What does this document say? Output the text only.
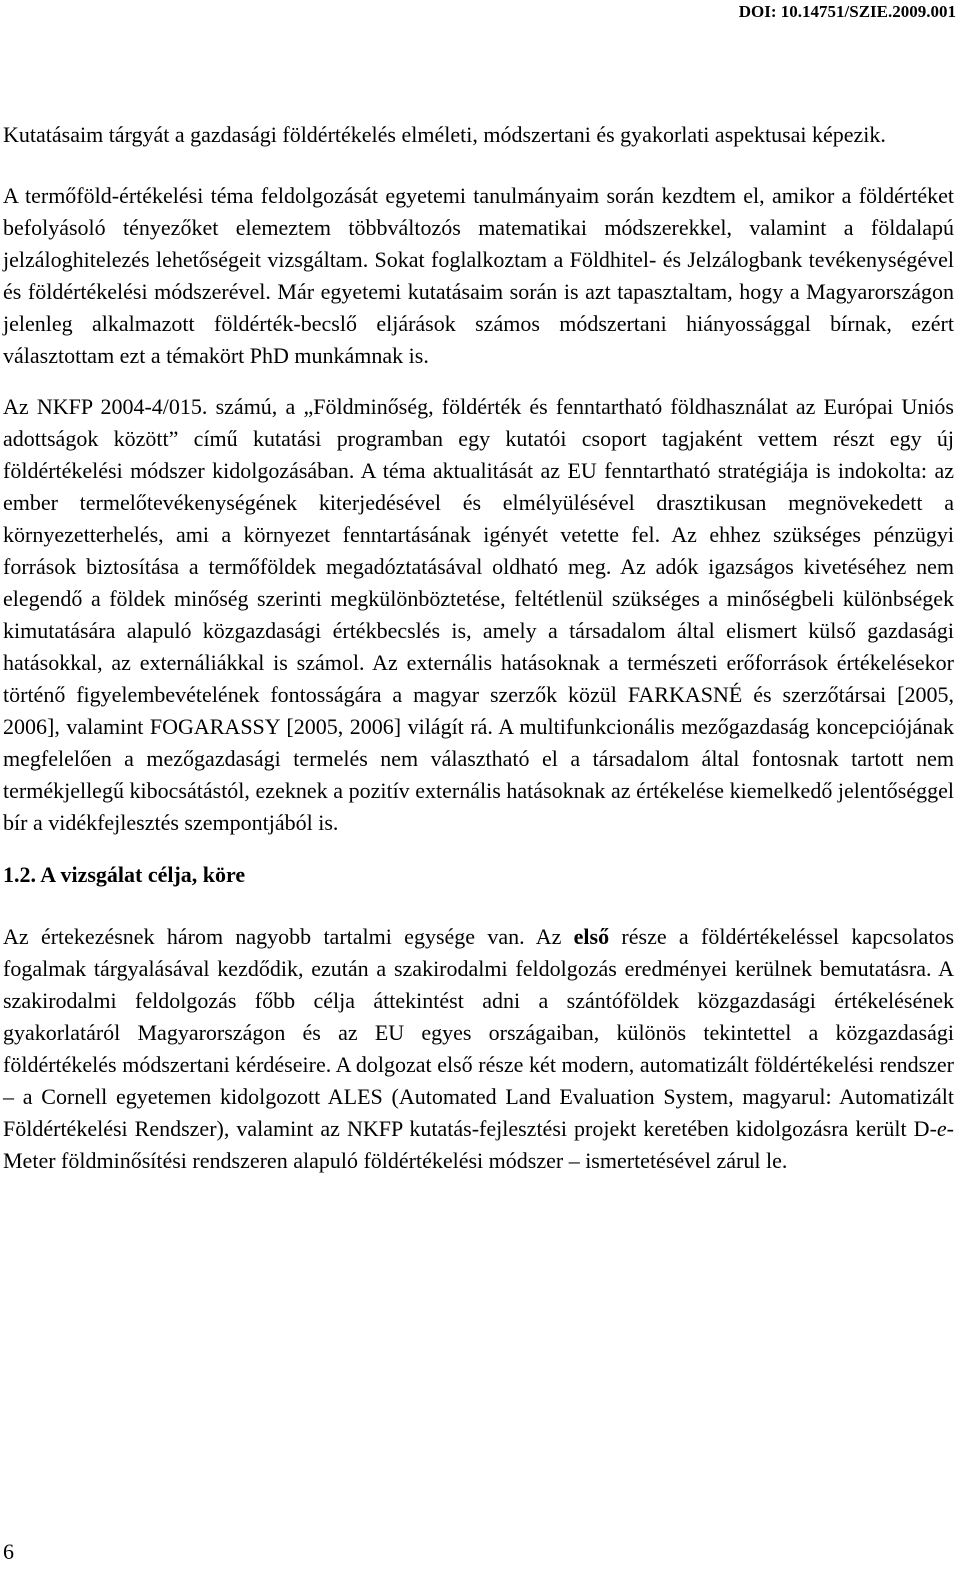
DOI: 10.14751/SZIE.2009.001

Kutatásaim tárgyát a gazdasági földértékelés elméleti, módszertani és gyakorlati aspektusai képezik.

A termőföld-értékelési téma feldolgozását egyetemi tanulmányaim során kezdtem el, amikor a földértéket befolyásoló tényezőket elemeztem többváltozós matematikai módszerekkel, valamint a földalapú jelzáloghitelezés lehetőségeit vizsgáltam. Sokat foglalkoztam a Földhitel- és Jelzálogbank tevékenységével és földértékelési módszerével. Már egyetemi kutatásaim során is azt tapasztaltam, hogy a Magyarországon jelenleg alkalmazott földérték-becslő eljárások számos módszertani hiányossággal bírnak, ezért választottam ezt a témakört PhD munkámnak is.

Az NKFP 2004-4/015. számú, a „Földminőség, földérték és fenntartható földhasználat az Európai Uniós adottságok között” című kutatási programban egy kutatói csoport tagjaként vettem részt egy új földértékelési módszer kidolgozásában. A téma aktualitását az EU fenntartható stratégiája is indokolta: az ember termelőtevékenységének kiterjedésével és elmélyülésével drasztikusan megnövekedett a környezetterhelés, ami a környezet fenntartásának igényét vetette fel. Az ehhez szükséges pénzügyi források biztosítása a termőföldek megadóztatásával oldható meg. Az adók igazságos kivetéséhez nem elegendő a földek minőség szerinti megkülönböztetése, feltétlenül szükséges a minőségbeli különbségek kimutatására alapuló közgazdasági értékbecslés is, amely a társadalom által elismert külső gazdasági hatásokkal, az externáliákkal is számol. Az externális hatásoknak a természeti erőforrások értékelésekor történő figyelembevételének fontosságára a magyar szerzők közül FARKASNÉ és szerzőtársai [2005, 2006], valamint FOGARASSY [2005, 2006] világít rá. A multifunkcionális mezőgazdaság koncepciójának megfelelően a mezőgazdasági termelés nem választható el a társadalom által fontosnak tartott nem termékjellegű kibocsátástól, ezeknek a pozitív externális hatásoknak az értékelése kiemelkedő jelentőséggel bír a vidékfejlesztés szempontjából is.

1.2. A vizsgálat célja, köre

Az értekezésnek három nagyobb tartalmi egysége van. Az első része a földértékeléssel kapcsolatos fogalmak tárgyalásával kezdődik, ezután a szakirodalmi feldolgozás eredményei kerülnek bemutatásra. A szakirodalmi feldolgozás főbb célja áttekintést adni a szántóföldek közgazdasági értékelésének gyakorlatáról Magyarországon és az EU egyes országaiban, különös tekintettel a közgazdasági földértékelés módszertani kérdéseire. A dolgozat első része két modern, automatizált földértékelési rendszer – a Cornell egyetemen kidolgozott ALES (Automated Land Evaluation System, magyarul: Automatizált Földértékelési Rendszer), valamint az NKFP kutatás-fejlesztési projekt keretében kidolgozásra került D-e-Meter földminősítési rendszeren alapuló földértékelési módszer – ismertetésével zárul le.

6
